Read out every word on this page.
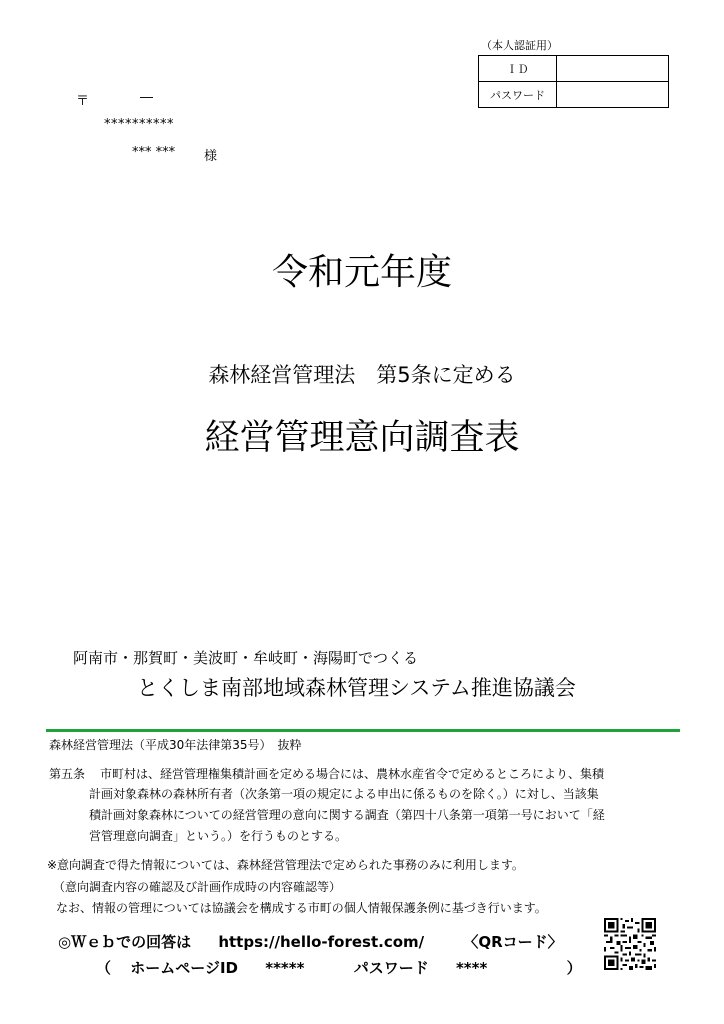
（本人認証用）
ＩＤ	
パスワード	
〒	―
**********
*** *** 様
令和元年度
森林経営管理法　第5条に定める
経営管理意向調査表
阿南市・那賀町・美波町・牟岐町・海陽町でつくる
とくしま南部地域森林管理システム推進協議会
森林経営管理法（平成30年法律第35号）　抜粋
第五条 市町村は、経営管理権集積計画を定める場合には、農林水産省令で定めるところにより、集積
計画対象森林の森林所有者（次条第一項の規定による申出に係るものを除く。）に対し、当該集
積計画対象森林についての経営管理の意向に関する調査（第四十八条第一項第一号において「経
営管理意向調査」という。）を行うものとする。
※意向調査で得た情報については、森林経営管理法で定められた事務のみに利用します。
（意向調査内容の確認及び計画作成時の内容確認等）
なお、情報の管理については協議会を構成する市町の個人情報保護条例に基づき行います。
◎Ｗｅｂでの回答は https://hello-forest.com/	〈QRコード〉
（ ホームページID *****	パスワード ****	）
